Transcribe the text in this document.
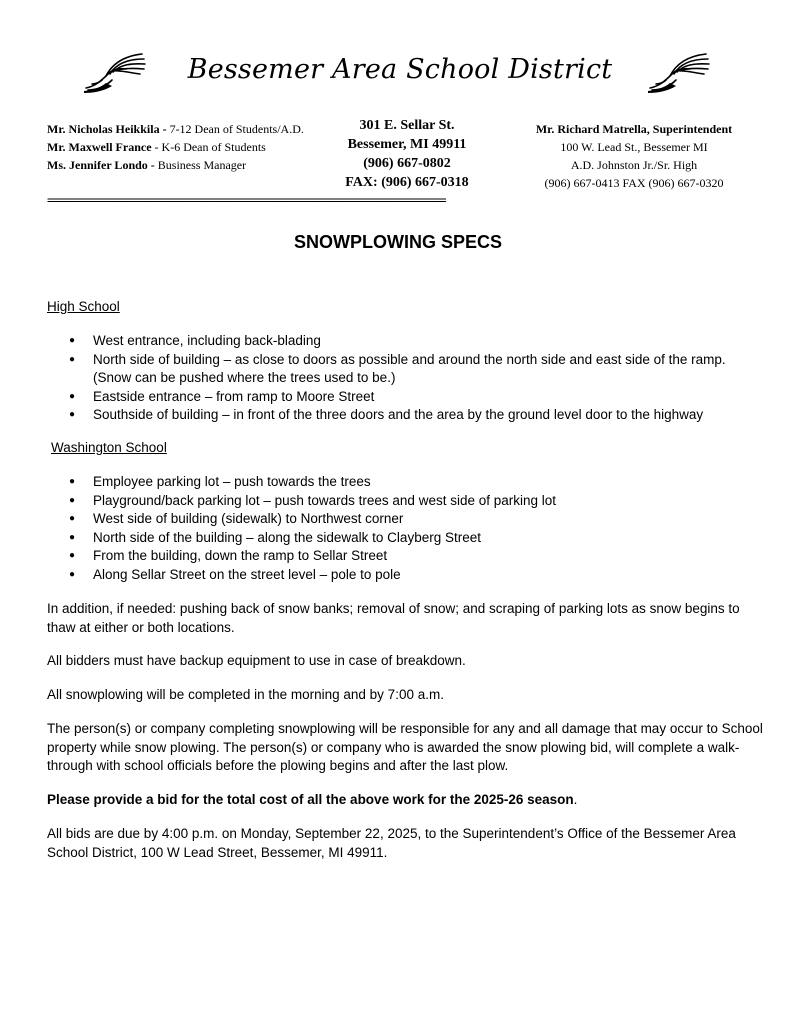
Bessemer Area School District
Mr. Nicholas Heikkila - 7-12 Dean of Students/A.D.
Mr. Maxwell France - K-6 Dean of Students
Ms. Jennifer Londo - Business Manager
301 E. Sellar St.
Bessemer, MI 49911
(906) 667-0802
FAX: (906) 667-0318
Mr. Richard Matrella, Superintendent
100 W. Lead St., Bessemer MI
A.D. Johnston Jr./Sr. High
(906) 667-0413 FAX (906) 667-0320
===================================================================
SNOWPLOWING SPECS
High School
● West entrance, including back-blading
● North side of building – as close to doors as possible and around the north side and east side of the ramp. (Snow can be pushed where the trees used to be.)
● Eastside entrance – from ramp to Moore Street
● Southside of building – in front of the three doors and the area by the ground level door to the highway
Washington School
● Employee parking lot – push towards the trees
● Playground/back parking lot – push towards trees and west side of parking lot
● West side of building (sidewalk) to Northwest corner
● North side of the building – along the sidewalk to Clayberg Street
● From the building, down the ramp to Sellar Street
● Along Sellar Street on the street level – pole to pole

In addition, if needed: pushing back of snow banks; removal of snow; and scraping of parking lots as snow begins to thaw at either or both locations.

All bidders must have backup equipment to use in case of breakdown.

All snowplowing will be completed in the morning and by 7:00 a.m.

The person(s) or company completing snowplowing will be responsible for any and all damage that may occur to School property while snow plowing. The person(s) or company who is awarded the snow plowing bid, will complete a walk-through with school officials before the plowing begins and after the last plow.

Please provide a bid for the total cost of all the above work for the 2025-26 season.

All bids are due by 4:00 p.m. on Monday, September 22, 2025, to the Superintendent’s Office of the Bessemer Area School District, 100 W Lead Street, Bessemer, MI 49911.
